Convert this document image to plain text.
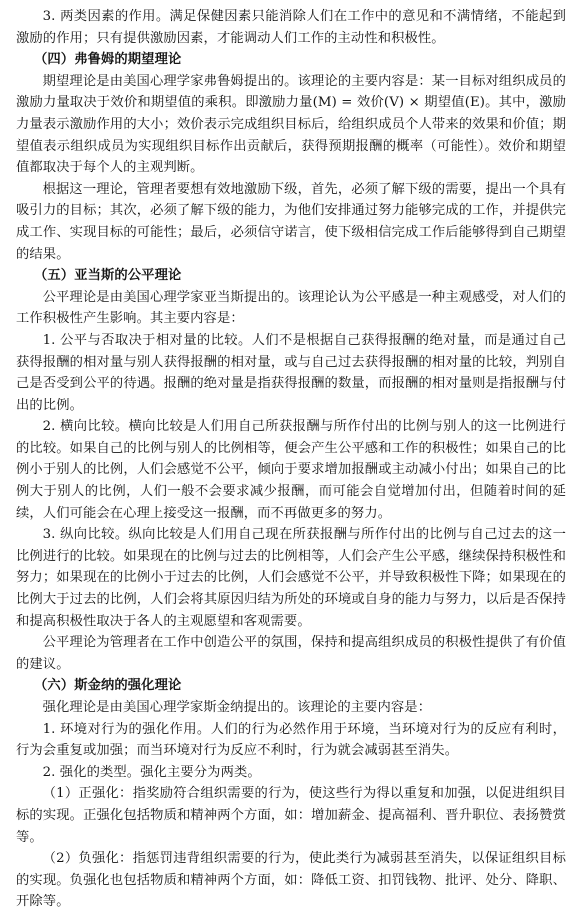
3. 两类因素的作用。满足保健因素只能消除人们在工作中的意见和不满情绪，不能起到激励的作用；只有提供激励因素，才能调动人们工作的主动性和积极性。

（四）弗鲁姆的期望理论

期望理论是由美国心理学家弗鲁姆提出的。该理论的主要内容是：某一目标对组织成员的激励力量取决于效价和期望值的乘积。即激励力量(M) = 效价(V) × 期望值(E)。其中，激励力量表示激励作用的大小；效价表示完成组织目标后，给组织成员个人带来的效果和价值；期望值表示组织成员为实现组织目标作出贡献后，获得预期报酬的概率（可能性）。效价和期望值都取决于每个人的主观判断。

根据这一理论，管理者要想有效地激励下级，首先，必须了解下级的需要，提出一个具有吸引力的目标；其次，必须了解下级的能力，为他们安排通过努力能够完成的工作，并提供完成工作、实现目标的可能性；最后，必须信守诺言，使下级相信完成工作后能够得到自己期望的结果。

（五）亚当斯的公平理论

公平理论是由美国心理学家亚当斯提出的。该理论认为公平感是一种主观感受，对人们的工作积极性产生影响。其主要内容是：

1. 公平与否取决于相对量的比较。人们不是根据自己获得报酬的绝对量，而是通过自己获得报酬的相对量与别人获得报酬的相对量，或与自己过去获得报酬的相对量的比较，判别自己是否受到公平的待遇。报酬的绝对量是指获得报酬的数量，而报酬的相对量则是指报酬与付出的比例。

2. 横向比较。横向比较是人们用自己所获报酬与所作付出的比例与别人的这一比例进行的比较。如果自己的比例与别人的比例相等，便会产生公平感和工作的积极性；如果自己的比例小于别人的比例，人们会感觉不公平，倾向于要求增加报酬或主动减小付出；如果自己的比例大于别人的比例，人们一般不会要求减少报酬，而可能会自觉增加付出，但随着时间的延续，人们可能会在心理上接受这一报酬，而不再做更多的努力。

3. 纵向比较。纵向比较是人们用自己现在所获报酬与所作付出的比例与自己过去的这一比例进行的比较。如果现在的比例与过去的比例相等，人们会产生公平感，继续保持积极性和努力；如果现在的比例小于过去的比例，人们会感觉不公平，并导致积极性下降；如果现在的比例大于过去的比例，人们会将其原因归结为所处的环境或自身的能力与努力，以后是否保持和提高积极性取决于各人的主观愿望和客观需要。

公平理论为管理者在工作中创造公平的氛围，保持和提高组织成员的积极性提供了有价值的建议。

（六）斯金纳的强化理论

强化理论是由美国心理学家斯金纳提出的。该理论的主要内容是：

1. 环境对行为的强化作用。人们的行为必然作用于环境，当环境对行为的反应有利时，行为会重复或加强；而当环境对行为反应不利时，行为就会减弱甚至消失。

2. 强化的类型。强化主要分为两类。

（1）正强化：指奖励符合组织需要的行为，使这些行为得以重复和加强，以促进组织目标的实现。正强化包括物质和精神两个方面，如：增加薪金、提高福利、晋升职位、表扬赞赏等。

（2）负强化：指惩罚违背组织需要的行为，使此类行为减弱甚至消失，以保证组织目标的实现。负强化也包括物质和精神两个方面，如：降低工资、扣罚钱物、批评、处分、降职、开除等。
